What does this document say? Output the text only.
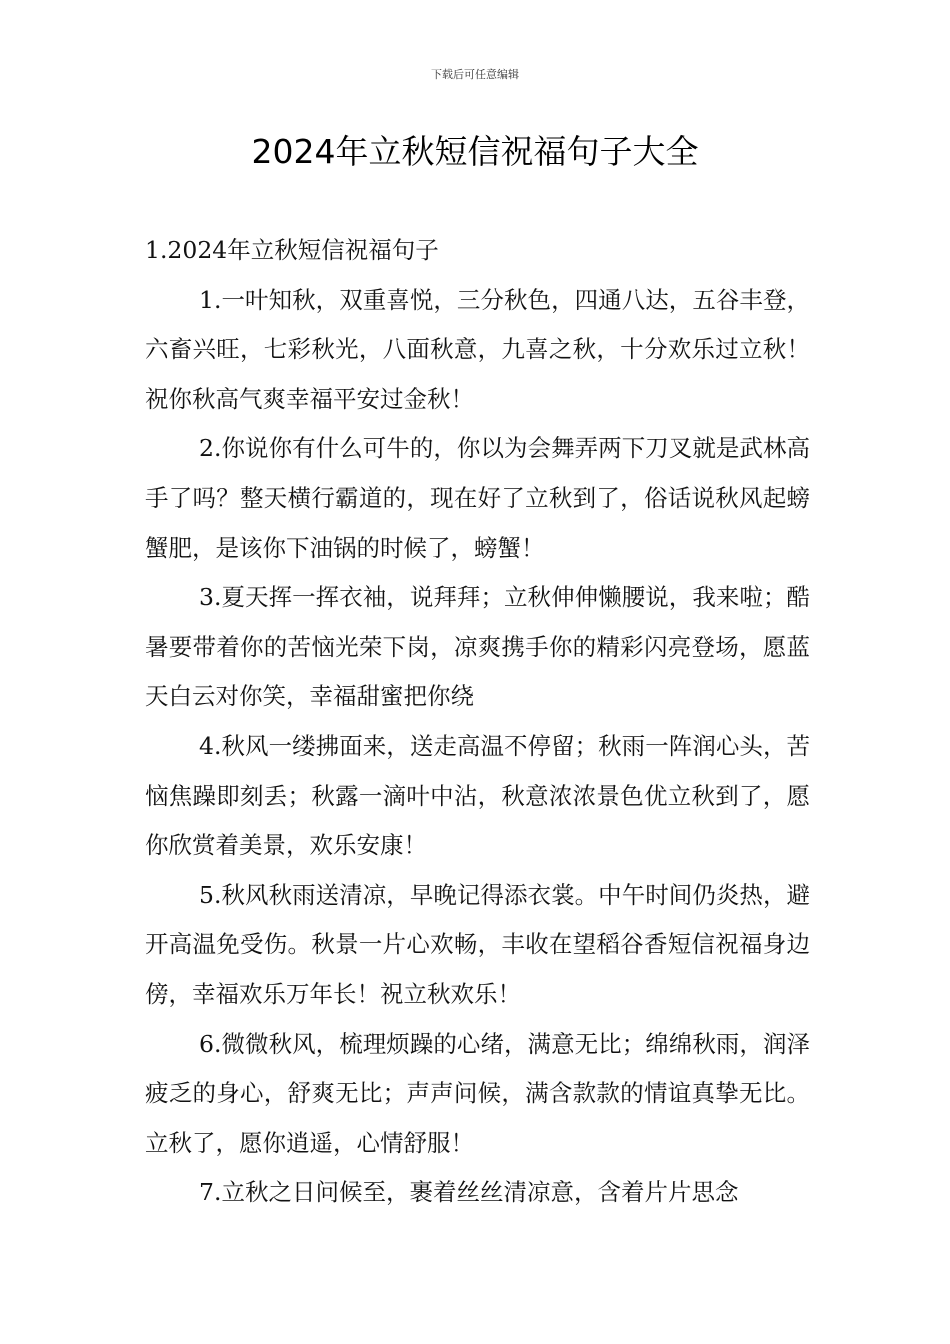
下载后可任意编辑
2024年立秋短信祝福句子大全

1.2024年立秋短信祝福句子

1.一叶知秋，双重喜悦，三分秋色，四通八达，五谷丰登，六畜兴旺，七彩秋光，八面秋意，九喜之秋，十分欢乐过立秋！祝你秋高气爽幸福平安过金秋！

2.你说你有什么可牛的，你以为会舞弄两下刀叉就是武林高手了吗？整天横行霸道的，现在好了立秋到了，俗话说秋风起螃蟹肥，是该你下油锅的时候了，螃蟹！

3.夏天挥一挥衣袖，说拜拜；立秋伸伸懒腰说，我来啦；酷暑要带着你的苦恼光荣下岗，凉爽携手你的精彩闪亮登场，愿蓝天白云对你笑，幸福甜蜜把你绕

4.秋风一缕拂面来，送走高温不停留；秋雨一阵润心头，苦恼焦躁即刻丢；秋露一滴叶中沾，秋意浓浓景色优立秋到了，愿你欣赏着美景，欢乐安康！

5.秋风秋雨送清凉，早晚记得添衣裳。中午时间仍炎热，避开高温免受伤。秋景一片心欢畅，丰收在望稻谷香短信祝福身边傍，幸福欢乐万年长！祝立秋欢乐！

6.微微秋风，梳理烦躁的心绪，满意无比；绵绵秋雨，润泽疲乏的身心，舒爽无比；声声问候，满含款款的情谊真挚无比。立秋了，愿你逍遥，心情舒服！

7.立秋之日问候至，裹着丝丝清凉意，含着片片思念
